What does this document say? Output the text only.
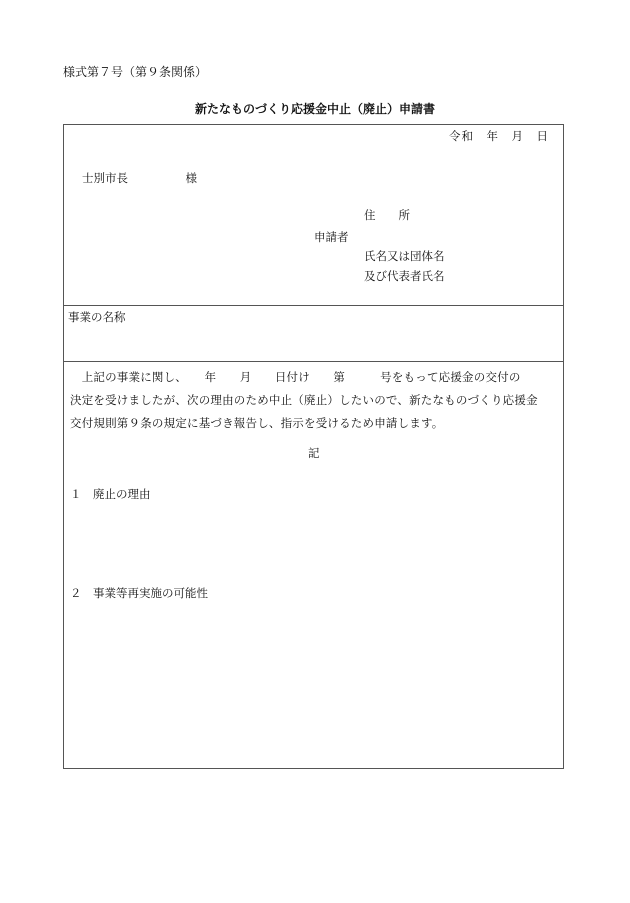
様式第７号（第９条関係）
新たなものづくり応援金中止（廃止）申請書
令和　年　月　日
士別市長　　　　　様
住　　所
申請者
氏名又は団体名
及び代表者氏名
事業の名称
　上記の事業に関し、　　年　　月　　日付け　　第　　　号をもって応援金の交付の
決定を受けましたが、次の理由のため中止（廃止）したいので、新たなものづくり応援金
交付規則第９条の規定に基づき報告し、指示を受けるため申請します。
記
１　廃止の理由
２　事業等再実施の可能性
